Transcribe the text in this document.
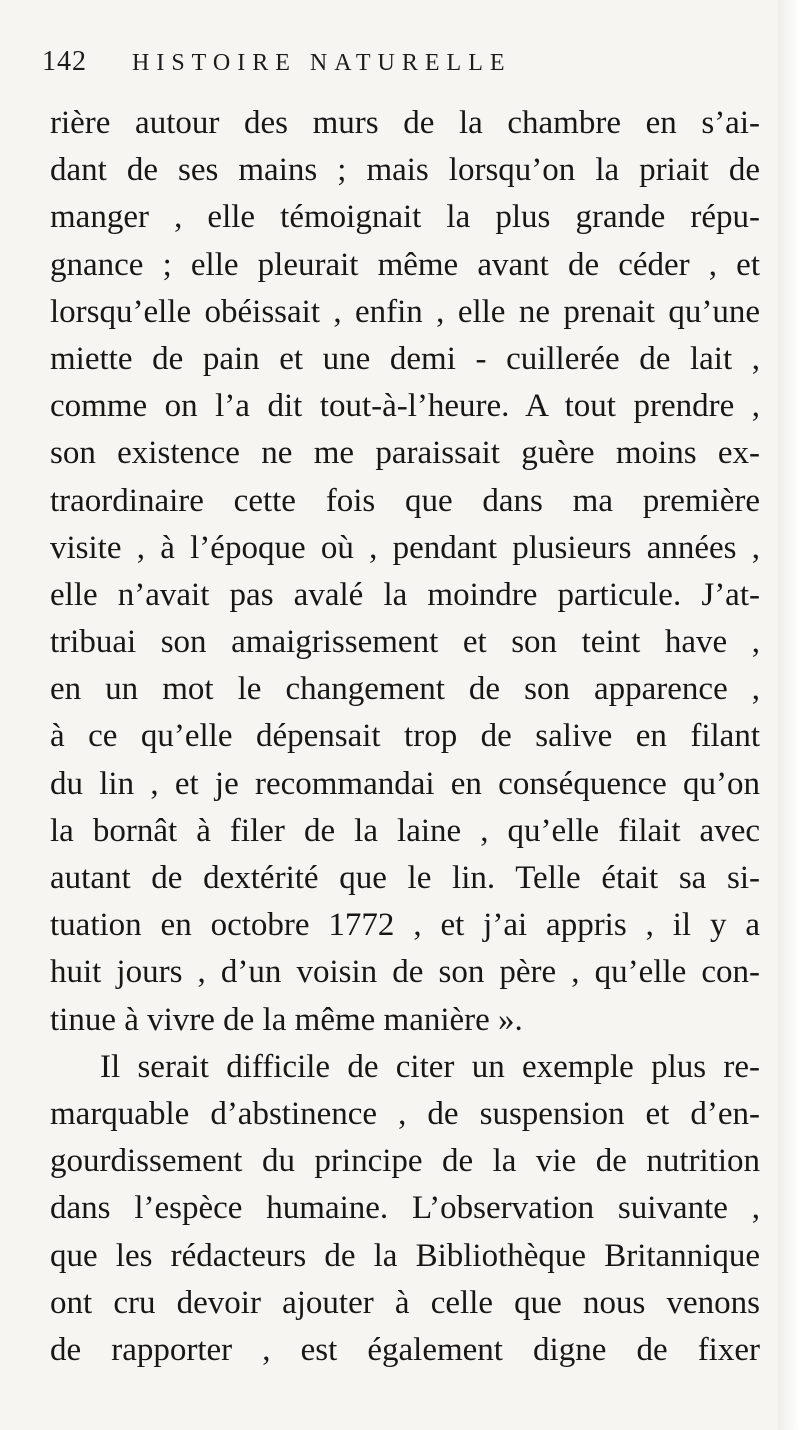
142 HISTOIRE NATURELLE
rière autour des murs de la chambre en s’ai-
dant de ses mains ; mais lorsqu’on la priait de
manger , elle témoignait la plus grande répu-
gnance ; elle pleurait même avant de céder , et
lorsqu’elle obéissait , enfin , elle ne prenait qu’une
miette de pain et une demi - cuillerée de lait ,
comme on l’a dit tout-à-l’heure. A tout prendre ,
son existence ne me paraissait guère moins ex-
traordinaire cette fois que dans ma première
visite , à l’époque où , pendant plusieurs années ,
elle n’avait pas avalé la moindre particule. J’at-
tribuai son amaigrissement et son teint have ,
en un mot le changement de son apparence ,
à ce qu’elle dépensait trop de salive en filant
du lin , et je recommandai en conséquence qu’on
la bornât à filer de la laine , qu’elle filait avec
autant de dextérité que le lin. Telle était sa si-
tuation en octobre 1772 , et j’ai appris , il y a
huit jours , d’un voisin de son père , qu’elle con-
tinue à vivre de la même manière ».
Il serait difficile de citer un exemple plus re-
marquable d’abstinence , de suspension et d’en-
gourdissement du principe de la vie de nutrition
dans l’espèce humaine. L’observation suivante ,
que les rédacteurs de la Bibliothèque Britannique
ont cru devoir ajouter à celle que nous venons
de rapporter , est également digne de fixer
